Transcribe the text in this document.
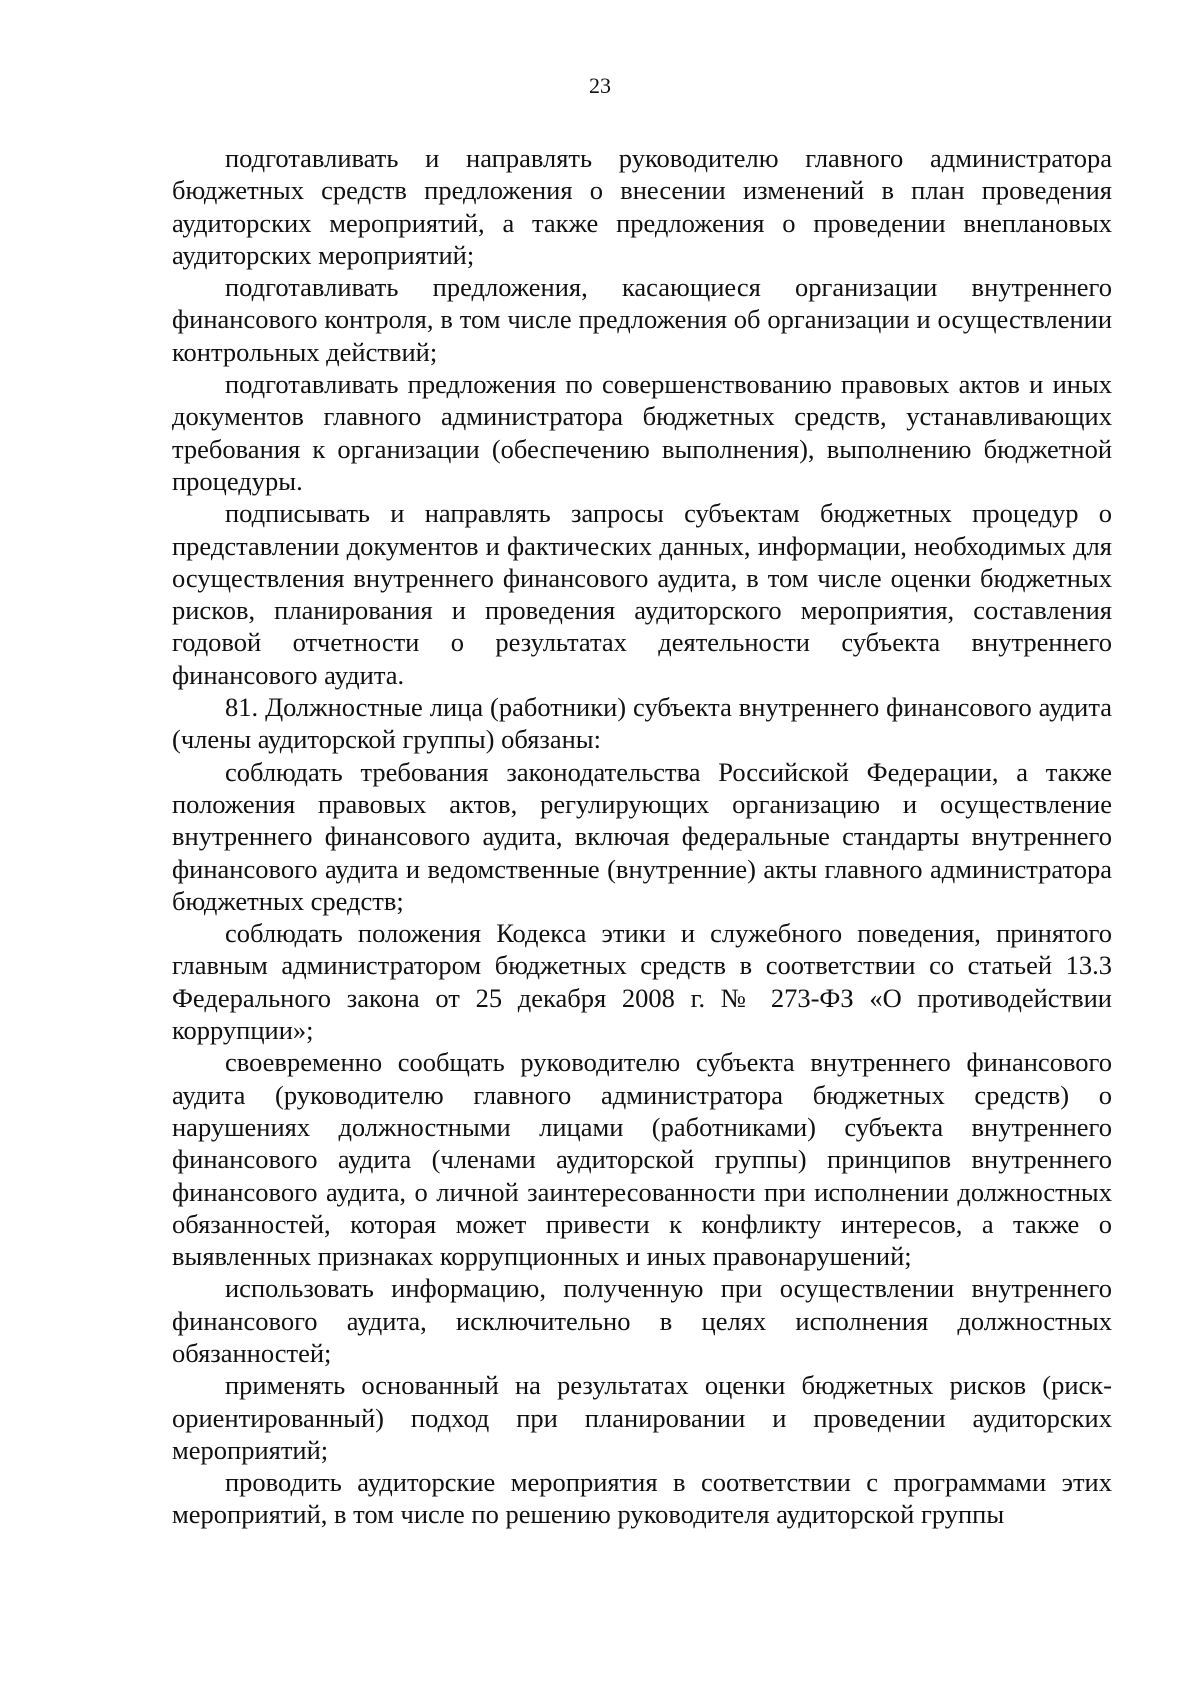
23

подготавливать и направлять руководителю главного администратора бюджетных средств предложения о внесении изменений в план проведения аудиторских мероприятий, а также предложения о проведении внеплановых аудиторских мероприятий;

подготавливать предложения, касающиеся организации внутреннего финансового контроля, в том числе предложения об организации и осуществлении контрольных действий;

подготавливать предложения по совершенствованию правовых актов и иных документов главного администратора бюджетных средств, устанавливающих требования к организации (обеспечению выполнения), выполнению бюджетной процедуры.

подписывать и направлять запросы субъектам бюджетных процедур о представлении документов и фактических данных, информации, необходимых для осуществления внутреннего финансового аудита, в том числе оценки бюджетных рисков, планирования и проведения аудиторского мероприятия, составления годовой отчетности о результатах деятельности субъекта внутреннего финансового аудита.

81. Должностные лица (работники) субъекта внутреннего финансового аудита (члены аудиторской группы) обязаны:

соблюдать требования законодательства Российской Федерации, а также положения правовых актов, регулирующих организацию и осуществление внутреннего финансового аудита, включая федеральные стандарты внутреннего финансового аудита и ведомственные (внутренние) акты главного администратора бюджетных средств;

соблюдать положения Кодекса этики и служебного поведения, принятого главным администратором бюджетных средств в соответствии со статьей 13.3 Федерального закона от 25 декабря 2008 г. № 273-ФЗ «О противодействии коррупции»;

своевременно сообщать руководителю субъекта внутреннего финансового аудита (руководителю главного администратора бюджетных средств) о нарушениях должностными лицами (работниками) субъекта внутреннего финансового аудита (членами аудиторской группы) принципов внутреннего финансового аудита, о личной заинтересованности при исполнении должностных обязанностей, которая может привести к конфликту интересов, а также о выявленных признаках коррупционных и иных правонарушений;

использовать информацию, полученную при осуществлении внутреннего финансового аудита, исключительно в целях исполнения должностных обязанностей;

применять основанный на результатах оценки бюджетных рисков (риск-ориентированный) подход при планировании и проведении аудиторских мероприятий;

проводить аудиторские мероприятия в соответствии с программами этих мероприятий, в том числе по решению руководителя аудиторской группы
